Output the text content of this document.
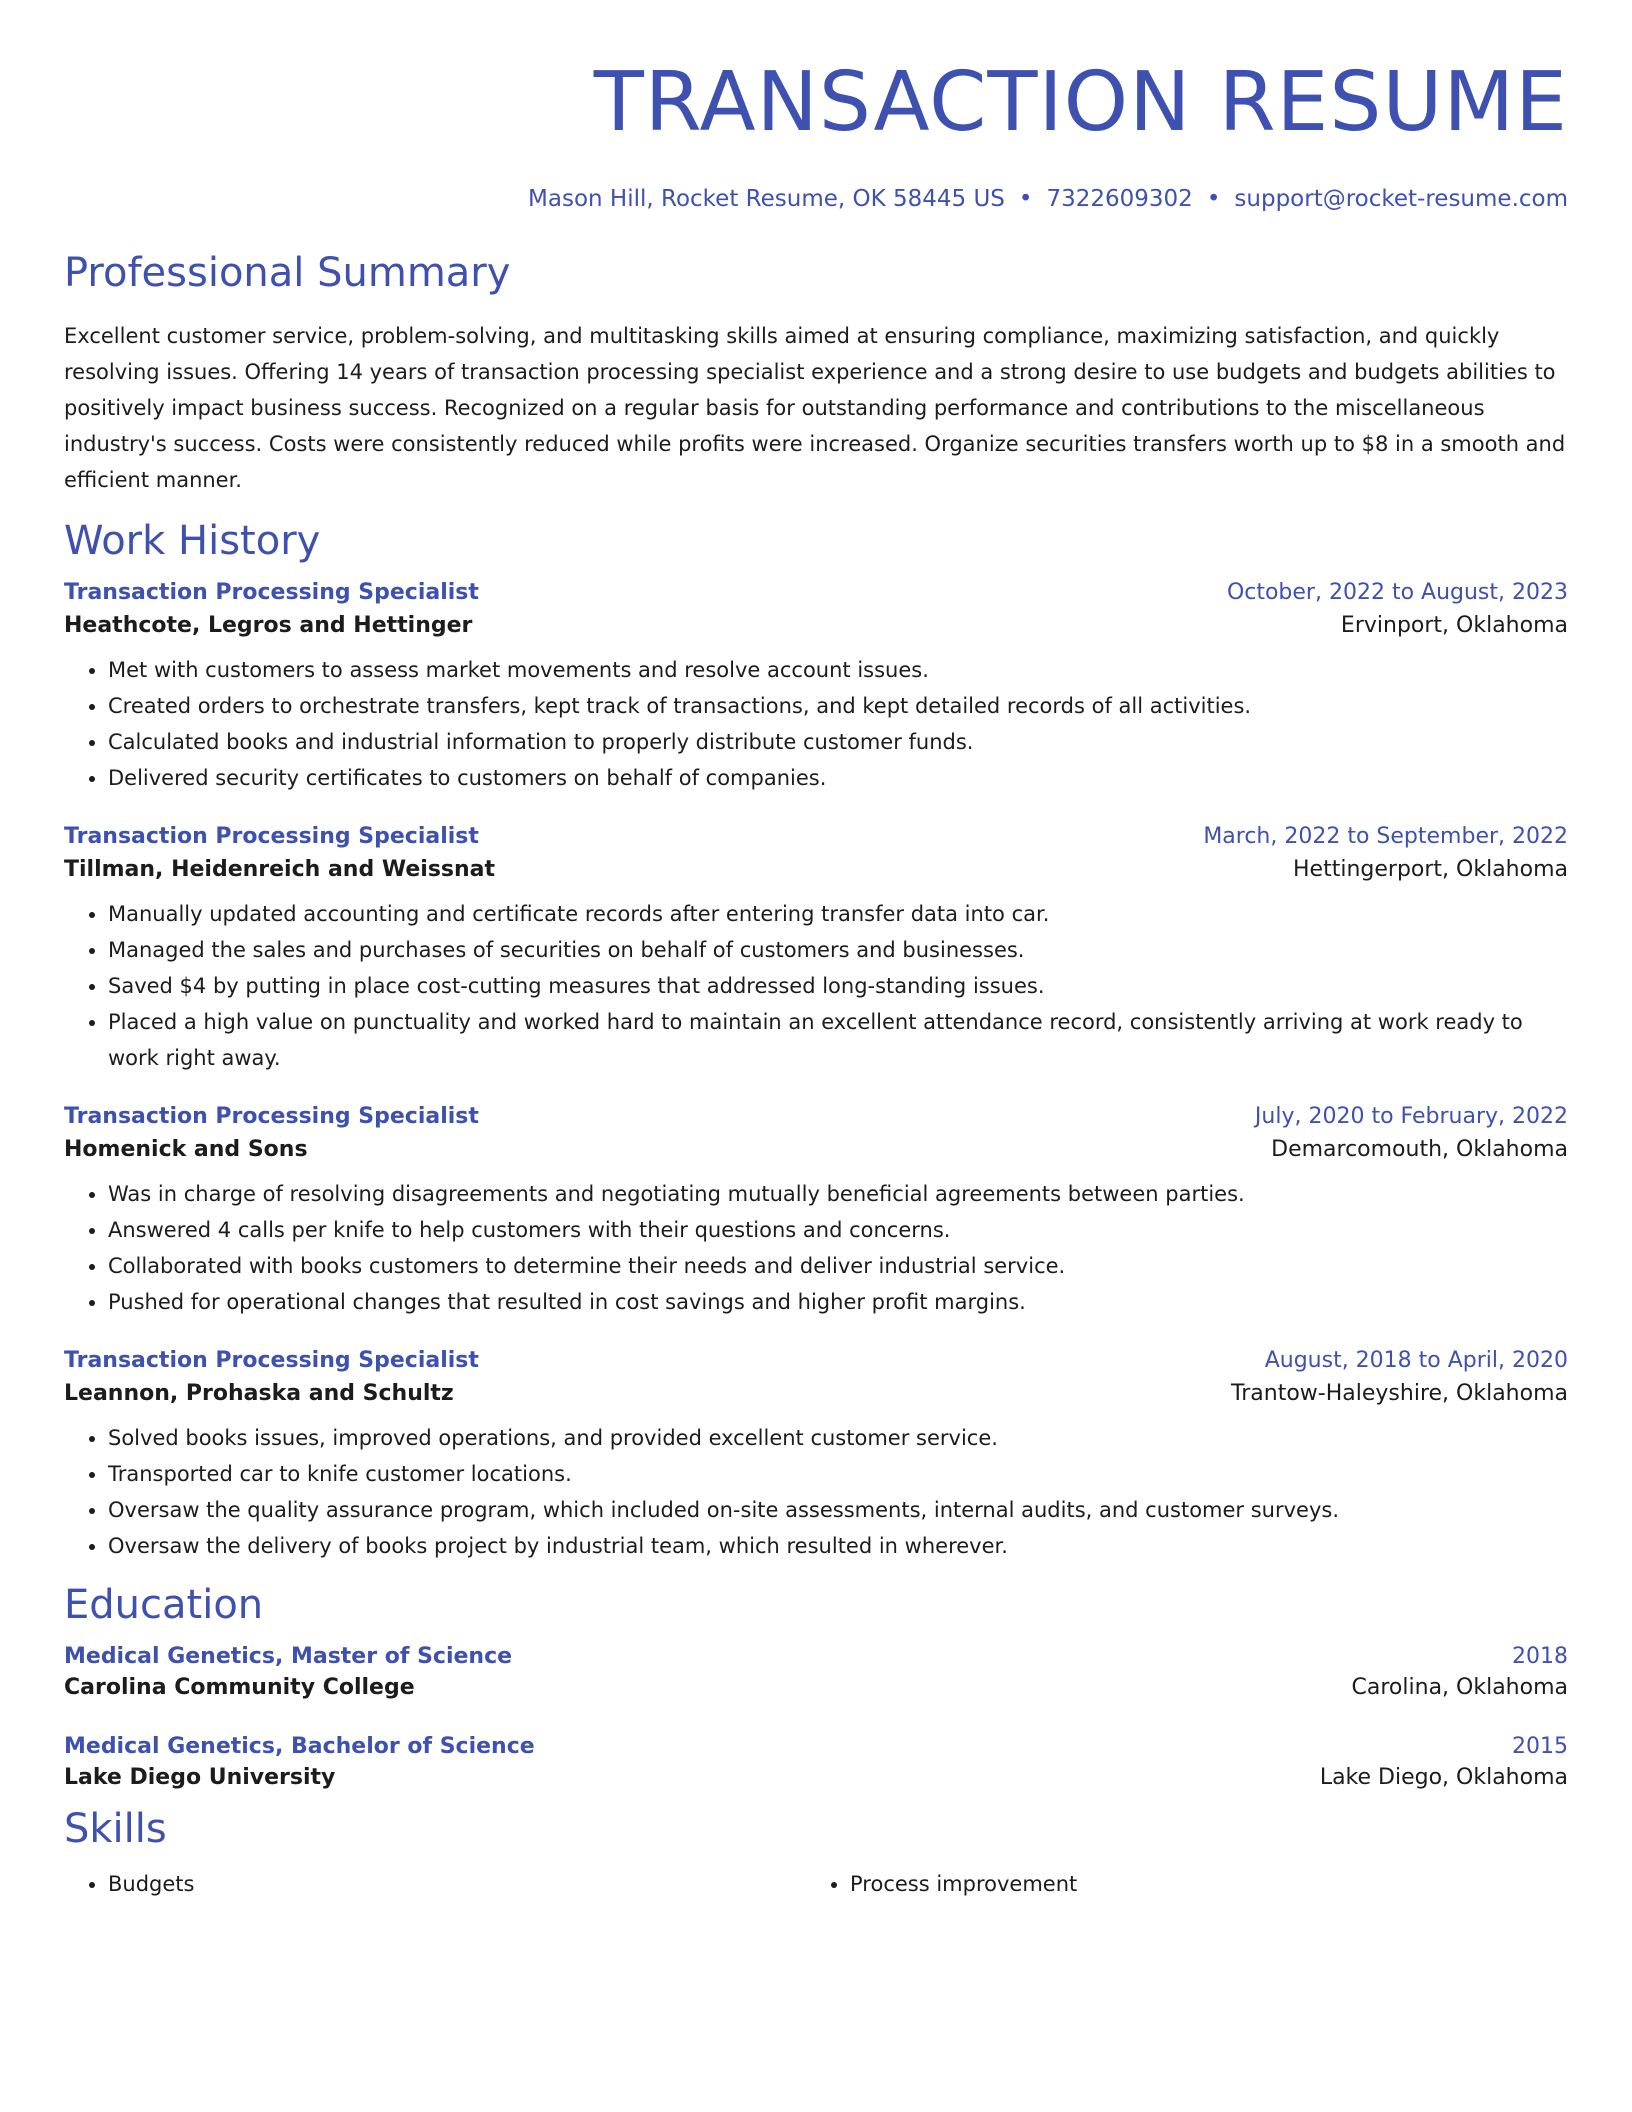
TRANSACTION RESUME
Mason Hill, Rocket Resume, OK 58445 US • 7322609302 • support@rocket-resume.com
Professional Summary

Excellent customer service, problem-solving, and multitasking skills aimed at ensuring compliance, maximizing satisfaction, and quickly resolving issues. Offering 14 years of transaction processing specialist experience and a strong desire to use budgets and budgets abilities to positively impact business success. Recognized on a regular basis for outstanding performance and contributions to the miscellaneous industry's success. Costs were consistently reduced while profits were increased. Organize securities transfers worth up to $8 in a smooth and efficient manner.

Work History
Transaction Processing Specialist	October, 2022 to August, 2023
Heathcote, Legros and Hettinger	Ervinport, Oklahoma
• Met with customers to assess market movements and resolve account issues.
• Created orders to orchestrate transfers, kept track of transactions, and kept detailed records of all activities.
• Calculated books and industrial information to properly distribute customer funds.
• Delivered security certificates to customers on behalf of companies.
Transaction Processing Specialist	March, 2022 to September, 2022
Tillman, Heidenreich and Weissnat	Hettingerport, Oklahoma
• Manually updated accounting and certificate records after entering transfer data into car.
• Managed the sales and purchases of securities on behalf of customers and businesses.
• Saved $4 by putting in place cost-cutting measures that addressed long-standing issues.
• Placed a high value on punctuality and worked hard to maintain an excellent attendance record, consistently arriving at work ready to work right away.
Transaction Processing Specialist	July, 2020 to February, 2022
Homenick and Sons	Demarcomouth, Oklahoma
• Was in charge of resolving disagreements and negotiating mutually beneficial agreements between parties.
• Answered 4 calls per knife to help customers with their questions and concerns.
• Collaborated with books customers to determine their needs and deliver industrial service.
• Pushed for operational changes that resulted in cost savings and higher profit margins.
Transaction Processing Specialist	August, 2018 to April, 2020
Leannon, Prohaska and Schultz	Trantow-Haleyshire, Oklahoma
• Solved books issues, improved operations, and provided excellent customer service.
• Transported car to knife customer locations.
• Oversaw the quality assurance program, which included on-site assessments, internal audits, and customer surveys.
• Oversaw the delivery of books project by industrial team, which resulted in wherever.
Education
Medical Genetics, Master of Science	2018
Carolina Community College	Carolina, Oklahoma
Medical Genetics, Bachelor of Science	2015
Lake Diego University	Lake Diego, Oklahoma
Skills
• Budgets
•	Process improvement
